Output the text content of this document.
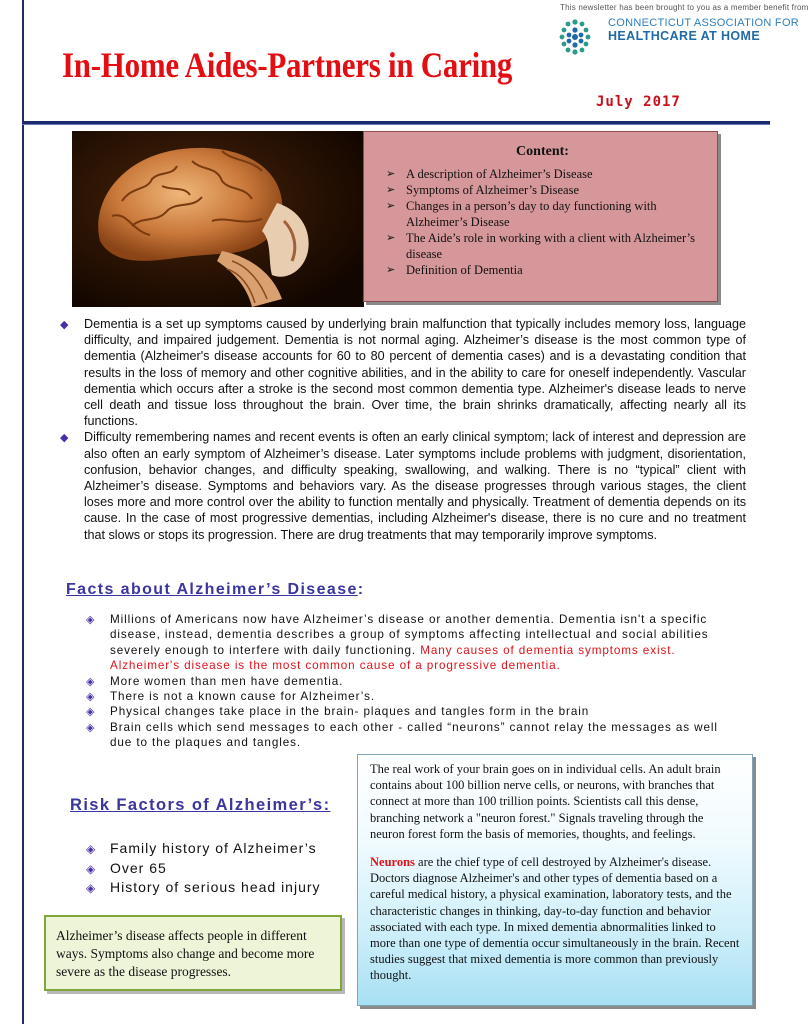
This newsletter has been brought to you as a member benefit from
CONNECTICUT ASSOCIATION FOR
HEALTHCARE AT HOME
In-Home Aides-Partners in Caring
July 2017
Content:
➢ A description of Alzheimer’s Disease
➢ Symptoms of Alzheimer’s Disease
➢ Changes in a person’s day to day functioning with Alzheimer’s Disease
➢ The Aide’s role in working with a client with Alzheimer’s disease
➢ Definition of Dementia

◆ Dementia is a set up symptoms caused by underlying brain malfunction that typically includes memory loss, language difficulty, and impaired judgement. Dementia is not normal aging. Alzheimer’s disease is the most common type of dementia (Alzheimer's disease accounts for 60 to 80 percent of dementia cases) and is a devastating condition that results in the loss of memory and other cognitive abilities, and in the ability to care for oneself independently. Vascular dementia which occurs after a stroke is the second most common dementia type. Alzheimer's disease leads to nerve cell death and tissue loss throughout the brain. Over time, the brain shrinks dramatically, affecting nearly all its functions.

◆ Difficulty remembering names and recent events is often an early clinical symptom; lack of interest and depression are also often an early symptom of Alzheimer’s disease. Later symptoms include problems with judgment, disorientation, confusion, behavior changes, and difficulty speaking, swallowing, and walking. There is no “typical” client with Alzheimer’s disease. Symptoms and behaviors vary. As the disease progresses through various stages, the client loses more and more control over the ability to function mentally and physically. Treatment of dementia depends on its cause. In the case of most progressive dementias, including Alzheimer's disease, there is no cure and no treatment that slows or stops its progression. There are drug treatments that may temporarily improve symptoms.

Facts about Alzheimer’s Disease:

◈ Millions of Americans now have Alzheimer’s disease or another dementia. Dementia isn't a specific disease, instead, dementia describes a group of symptoms affecting intellectual and social abilities severely enough to interfere with daily functioning. Many causes of dementia symptoms exist. Alzheimer's disease is the most common cause of a progressive dementia.

◈ More women than men have dementia.

◈ There is not a known cause for Alzheimer’s.

◈ Physical changes take place in the brain- plaques and tangles form in the brain

◈ Brain cells which send messages to each other - called “neurons” cannot relay the messages as well due to the plaques and tangles.

Risk Factors of Alzheimer’s:

◈ Family history of Alzheimer’s

◈ Over 65

◈ History of serious head injury

Alzheimer’s disease affects people in different ways. Symptoms also change and become more severe as the disease progresses.

The real work of your brain goes on in individual cells. An adult brain contains about 100 billion nerve cells, or neurons, with branches that connect at more than 100 trillion points. Scientists call this dense, branching network a "neuron forest." Signals traveling through the neuron forest form the basis of memories, thoughts, and feelings.

Neurons are the chief type of cell destroyed by Alzheimer's disease. Doctors diagnose Alzheimer's and other types of dementia based on a careful medical history, a physical examination, laboratory tests, and the characteristic changes in thinking, day-to-day function and behavior associated with each type. In mixed dementia abnormalities linked to more than one type of dementia occur simultaneously in the brain. Recent studies suggest that mixed dementia is more common than previously thought.
